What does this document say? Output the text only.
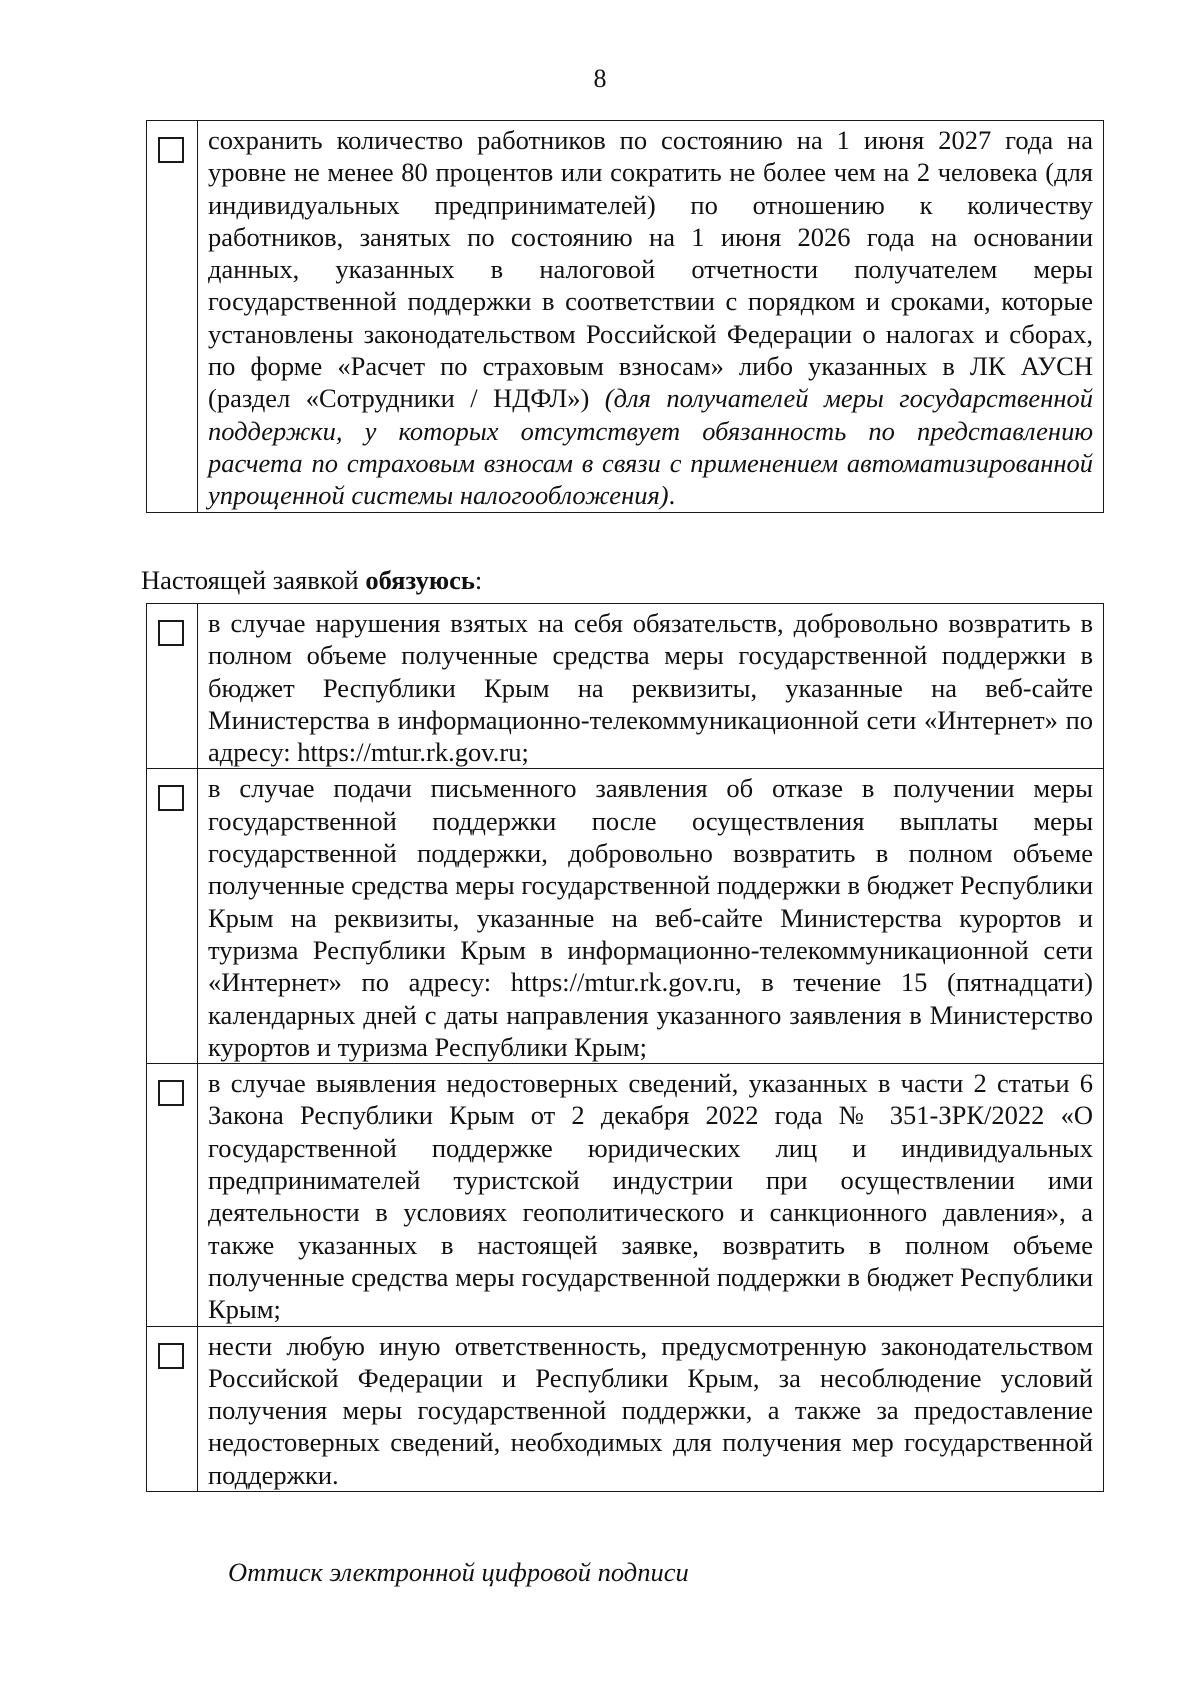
8
	сохранить количество работников по состоянию на 1 июня 2027 года на уровне не менее 80 процентов или сократить не более чем на 2 человека (для индивидуальных предпринимателей) по отношению к количеству работников, занятых по состоянию на 1 июня 2026 года на основании данных, указанных в налоговой отчетности получателем меры государственной поддержки в соответствии с порядком и сроками, которые установлены законодательством Российской Федерации о налогах и сборах, по форме «Расчет по страховым взносам» либо указанных в ЛК АУСН (раздел «Сотрудники / НДФЛ») (для получателей меры государственной поддержки, у которых отсутствует обязанность по представлению расчета по страховым взносам в связи с применением автоматизированной упрощенной системы налогообложения).
Настоящей заявкой обязуюсь:
	в случае нарушения взятых на себя обязательств, добровольно возвратить в полном объеме полученные средства меры государственной поддержки в бюджет Республики Крым на реквизиты, указанные на веб-сайте Министерства в информационно-телекоммуникационной сети «Интернет» по адресу: https://mtur.rk.gov.ru;

	в случае подачи письменного заявления об отказе в получении меры государственной поддержки после осуществления выплаты меры государственной поддержки, добровольно возвратить в полном объеме полученные средства меры государственной поддержки в бюджет Республики Крым на реквизиты, указанные на веб-сайте Министерства курортов и туризма Республики Крым в информационно-телекоммуникационной сети «Интернет» по адресу: https://mtur.rk.gov.ru, в течение 15 (пятнадцати) календарных дней с даты направления указанного заявления в Министерство курортов и туризма Республики Крым;

	в случае выявления недостоверных сведений, указанных в части 2 статьи 6 Закона Республики Крым от 2 декабря 2022 года № 351-ЗРК/2022 «О государственной поддержке юридических лиц и индивидуальных предпринимателей туристской индустрии при осуществлении ими деятельности в условиях геополитического и санкционного давления», а также указанных в настоящей заявке, возвратить в полном объеме полученные средства меры государственной поддержки в бюджет Республики Крым;

	нести любую иную ответственность, предусмотренную законодательством Российской Федерации и Республики Крым, за несоблюдение условий получения меры государственной поддержки, а также за предоставление недостоверных сведений, необходимых для получения мер государственной поддержки.
Оттиск электронной цифровой подписи
